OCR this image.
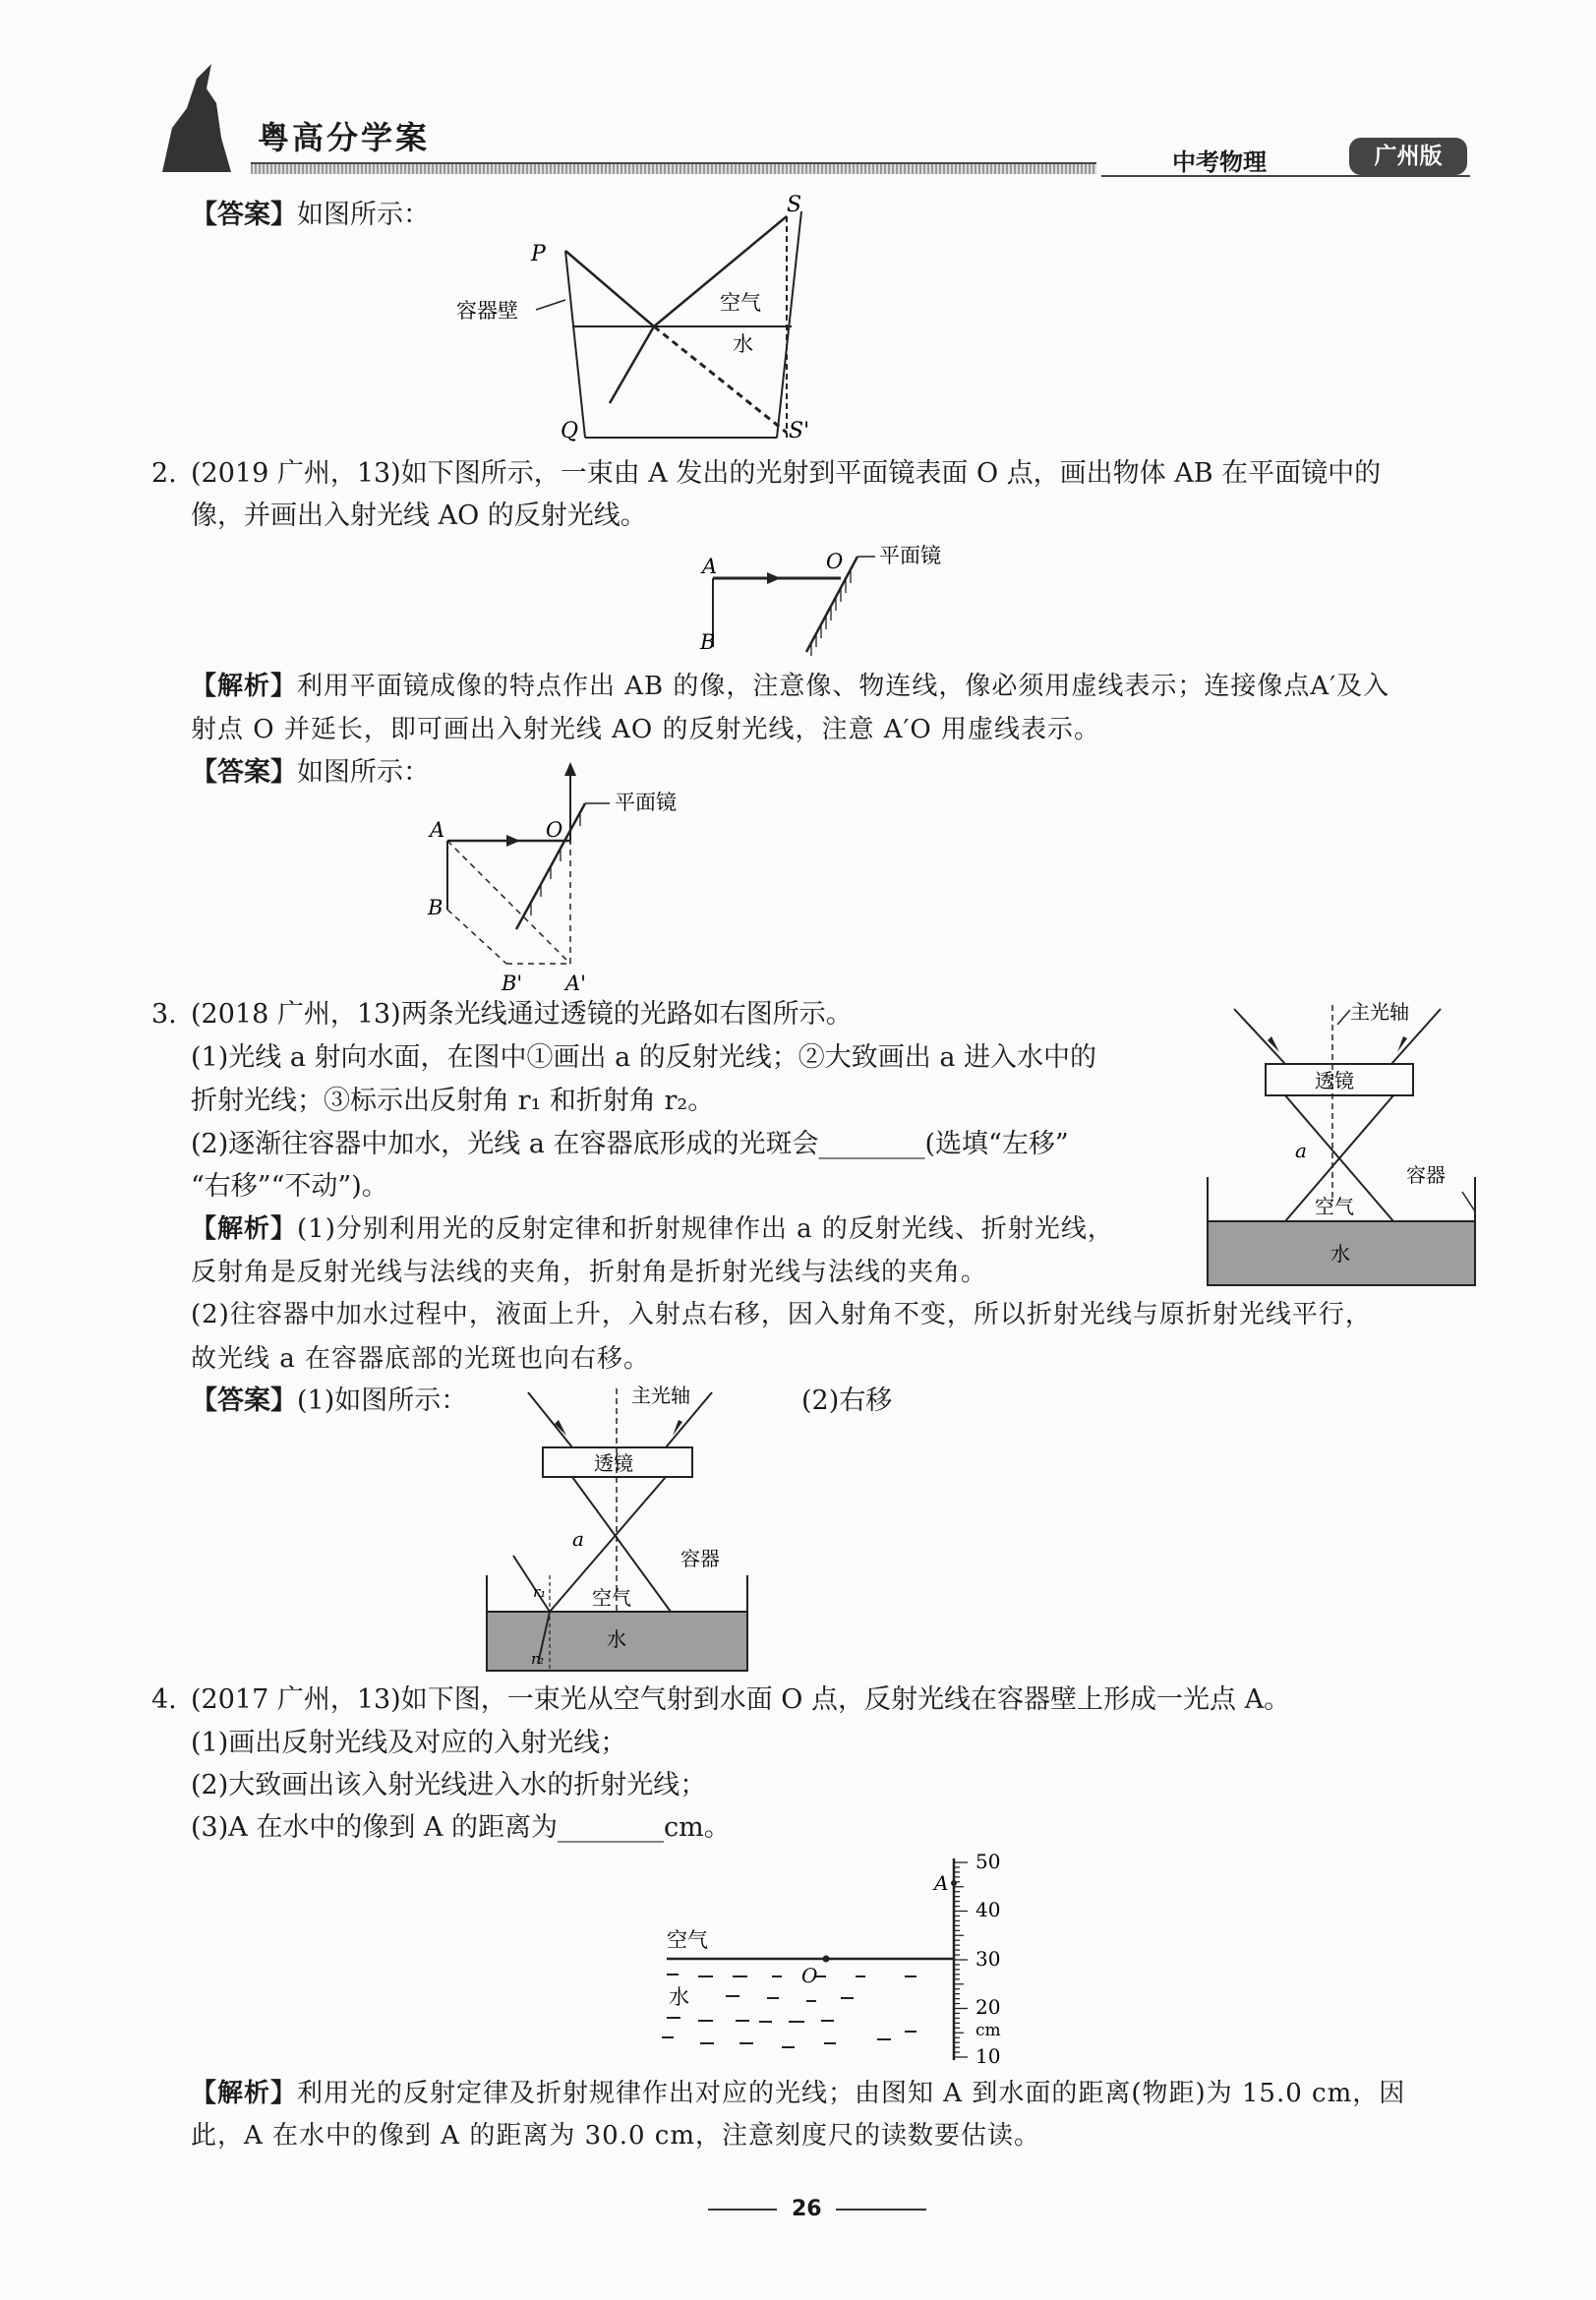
粤高分学案
中考物理	广州版
【答案】如图所示：
P
Q
S
S'
容器壁	空气
水
2. (2019 广州，13)如下图所示，一束由 A 发出的光射到平面镜表面 O 点，画出物体 AB 在平面镜中的
像，并画出入射光线 AO 的反射光线。
A
B
O 平面镜
【解析】利用平面镜成像的特点作出 AB 的像，注意像、物连线，像必须用虚线表示；连接像点A′及入
射点 O 并延长，即可画出入射光线 AO 的反射光线，注意 A′O 用虚线表示。
【答案】如图所示：
A
B
O
B' A'
平面镜
3. (2018 广州，13)两条光线通过透镜的光路如右图所示。
(1)光线 a 射向水面，在图中①画出 a 的反射光线；②大致画出 a 进入水中的
折射光线；③标示出反射角 r₁ 和折射角 r₂。
(2)逐渐往容器中加水，光线 a 在容器底形成的光斑会________(选填“左移”
“右移”“不动”)。
【解析】(1)分别利用光的反射定律和折射规律作出 a 的反射光线、折射光线，
反射角是反射光线与法线的夹角，折射角是折射光线与法线的夹角。
(2)往容器中加水过程中，液面上升，入射点右移，因入射角不变，所以折射光线与原折射光线平行，
故光线 a 在容器底部的光斑也向右移。
【答案】(1)如图所示：	(2)右移
主光轴
透镜
a
容器
空气
水
主光轴
透镜
a
容器
空气
水
r₁
r₂
4. (2017 广州，13)如下图，一束光从空气射到水面 O 点，反射光线在容器壁上形成一光点 A。
(1)画出反射光线及对应的入射光线；
(2)大致画出该入射光线进入水的折射光线；
(3)A 在水中的像到 A 的距离为________cm。
空气
水
O
A
50
40
30
20
cm
10
【解析】利用光的反射定律及折射规律作出对应的光线；由图知 A 到水面的距离(物距)为 15.0 cm，因
此，A 在水中的像到 A 的距离为 30.0 cm，注意刻度尺的读数要估读。
26
